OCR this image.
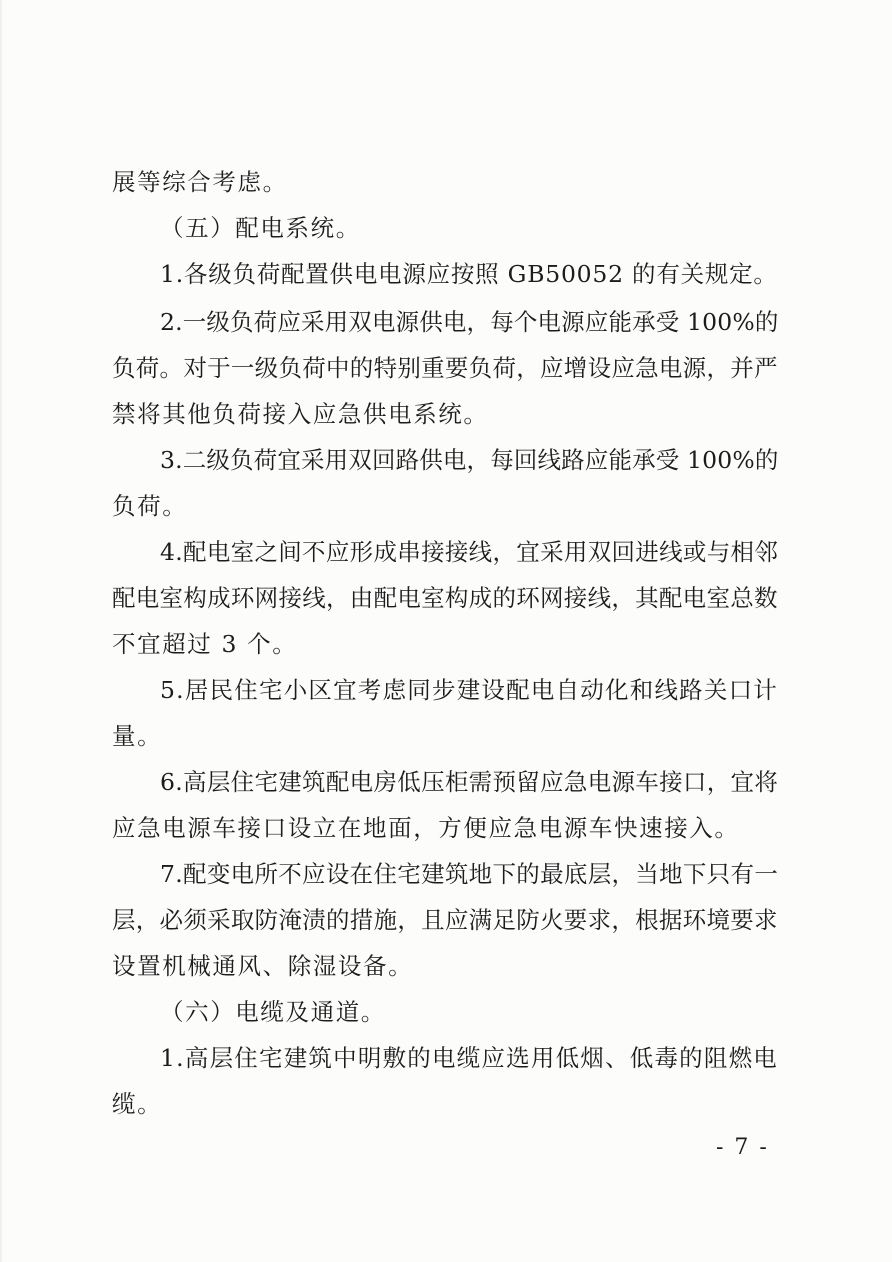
展等综合考虑。
（五）配电系统。
1.各级负荷配置供电电源应按照 GB50052 的有关规定。
2.一级负荷应采用双电源供电，每个电源应能承受 100%的
负荷。对于一级负荷中的特别重要负荷，应增设应急电源，并严
禁将其他负荷接入应急供电系统。
3.二级负荷宜采用双回路供电，每回线路应能承受 100%的
负荷。
4.配电室之间不应形成串接接线，宜采用双回进线或与相邻
配电室构成环网接线，由配电室构成的环网接线，其配电室总数
不宜超过 3 个。
5.居民住宅小区宜考虑同步建设配电自动化和线路关口计
量。
6.高层住宅建筑配电房低压柜需预留应急电源车接口，宜将
应急电源车接口设立在地面，方便应急电源车快速接入。
7.配变电所不应设在住宅建筑地下的最底层，当地下只有一
层，必须采取防淹渍的措施，且应满足防火要求，根据环境要求
设置机械通风、除湿设备。
（六）电缆及通道。
1.高层住宅建筑中明敷的电缆应选用低烟、低毒的阻燃电
缆。
- 7 -
